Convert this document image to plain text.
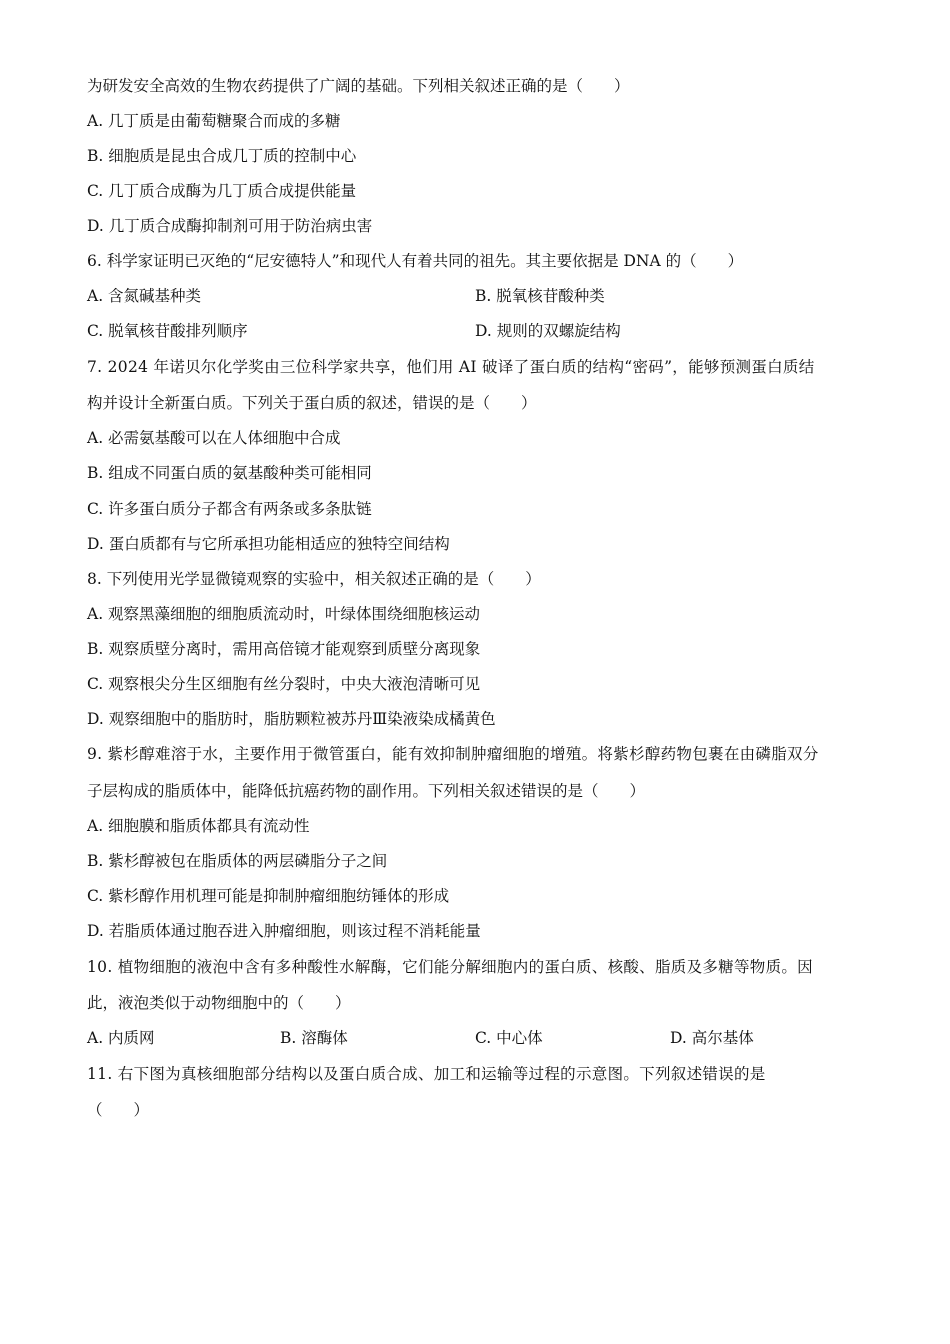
为研发安全高效的生物农药提供了广阔的基础。下列相关叙述正确的是（　　）
A. 几丁质是由葡萄糖聚合而成的多糖
B. 细胞质是昆虫合成几丁质的控制中心
C. 几丁质合成酶为几丁质合成提供能量
D. 几丁质合成酶抑制剂可用于防治病虫害
6. 科学家证明已灭绝的“尼安德特人”和现代人有着共同的祖先。其主要依据是 DNA 的（　　）
A. 含氮碱基种类	B. 脱氧核苷酸种类
C. 脱氧核苷酸排列顺序	D. 规则的双螺旋结构
7. 2024 年诺贝尔化学奖由三位科学家共享，他们用 AI 破译了蛋白质的结构“密码”，能够预测蛋白质结
构并设计全新蛋白质。下列关于蛋白质的叙述，错误的是（　　）
A. 必需氨基酸可以在人体细胞中合成
B. 组成不同蛋白质的氨基酸种类可能相同
C. 许多蛋白质分子都含有两条或多条肽链
D. 蛋白质都有与它所承担功能相适应的独特空间结构
8. 下列使用光学显微镜观察的实验中，相关叙述正确的是（　　）
A. 观察黑藻细胞的细胞质流动时，叶绿体围绕细胞核运动
B. 观察质壁分离时，需用高倍镜才能观察到质壁分离现象
C. 观察根尖分生区细胞有丝分裂时，中央大液泡清晰可见
D. 观察细胞中的脂肪时，脂肪颗粒被苏丹Ⅲ染液染成橘黄色
9. 紫杉醇难溶于水，主要作用于微管蛋白，能有效抑制肿瘤细胞的增殖。将紫杉醇药物包裹在由磷脂双分
子层构成的脂质体中，能降低抗癌药物的副作用。下列相关叙述错误的是（　　）
A. 细胞膜和脂质体都具有流动性
B. 紫杉醇被包在脂质体的两层磷脂分子之间
C. 紫杉醇作用机理可能是抑制肿瘤细胞纺锤体的形成
D. 若脂质体通过胞吞进入肿瘤细胞，则该过程不消耗能量
10. 植物细胞的液泡中含有多种酸性水解酶，它们能分解细胞内的蛋白质、核酸、脂质及多糖等物质。因
此，液泡类似于动物细胞中的（　　）
A. 内质网	B. 溶酶体	C. 中心体	D. 高尔基体
11. 右下图为真核细胞部分结构以及蛋白质合成、加工和运输等过程的示意图。下列叙述错误的是
（　　）
